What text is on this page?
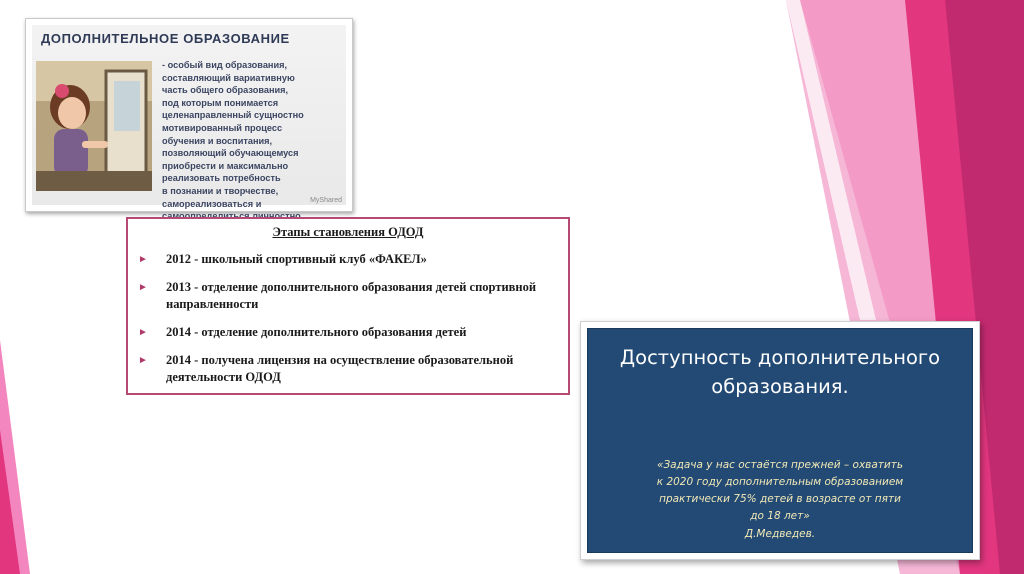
ДОПОЛНИТЕЛЬНОЕ ОБРАЗОВАНИЕ
- особый вид образования,
составляющий вариативную
часть общего образования,
под которым понимается
целенаправленный сущностно
мотивированный процесс
обучения и воспитания,
позволяющий обучающемуся
приобрести и максимально
реализовать потребность
в познании и творчестве,
самореализоваться и	MyShared
Этапы становления ОДОД
► 2012 - школьный спортивный клуб «ФАКЕЛ»
► 2013 - отделение дополнительного образования детей спортивной направленности
► 2014 - отделение дополнительного образования детей
► 2014 - получена лицензия на осуществление образовательной деятельности ОДОД
Доступность дополнительного
образования.
«Задача у нас остаётся прежней – охватить
к 2020 году дополнительным образованием
практически 75% детей в возрасте от пяти
до 18 лет»
Д.Медведев.
